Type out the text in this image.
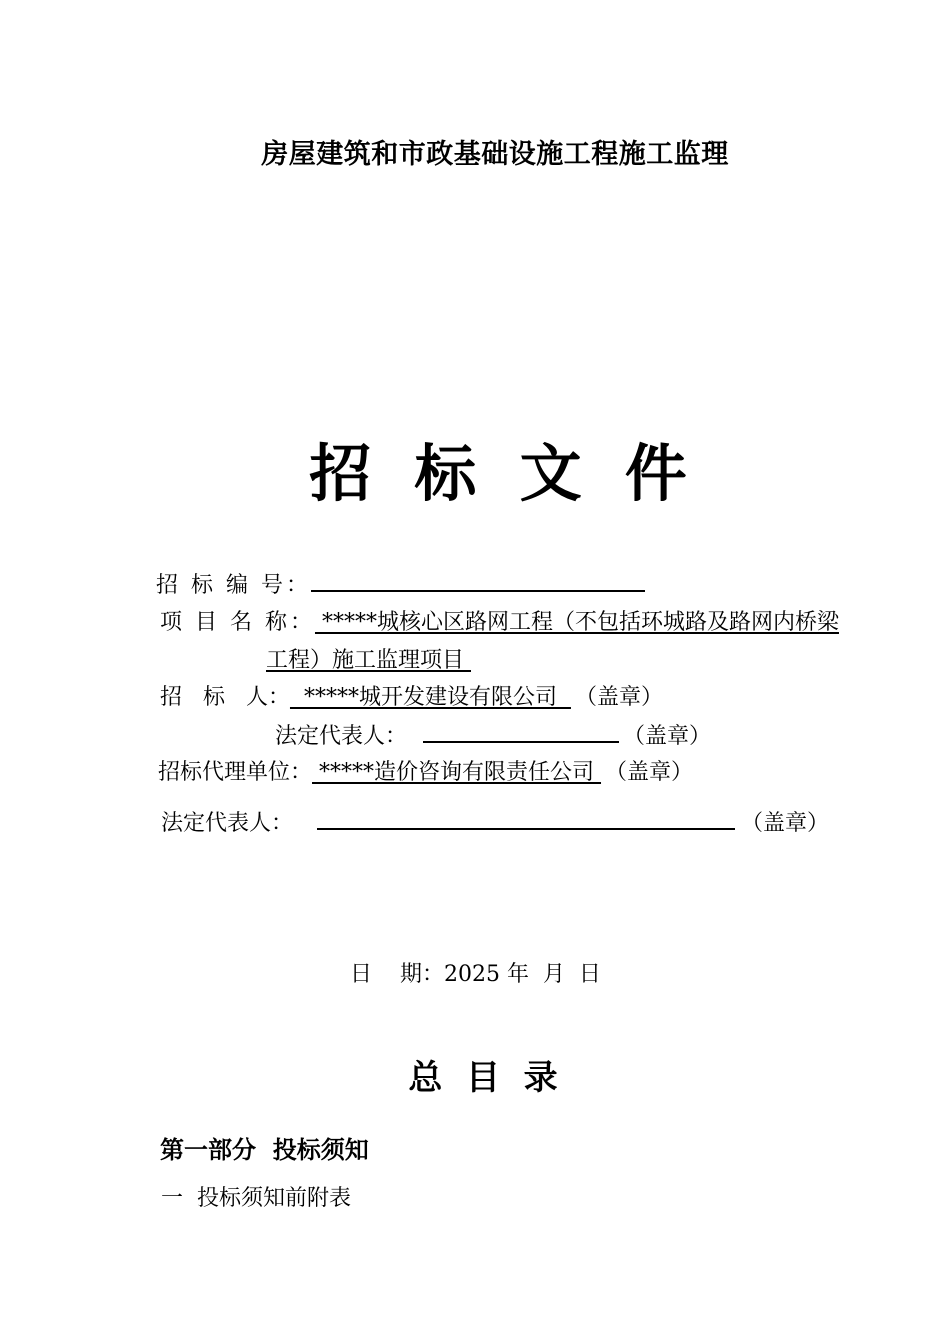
房屋建筑和市政基础设施工程施工监理
招  标  文  件
招 标 编 号：
项 目 名 称： *****城核心区路网工程（不包括环城路及路网内桥梁
工程）施工监理项目
招   标   人：  *****城开发建设有限公司  （盖章）
法定代表人：	（盖章）
招标代理单位： *****造价咨询有限责任公司 （盖章）
法定代表人：	（盖章）
日    期：2025 年  月  日
总  目  录
第一部分  投标须知
一  投标须知前附表
